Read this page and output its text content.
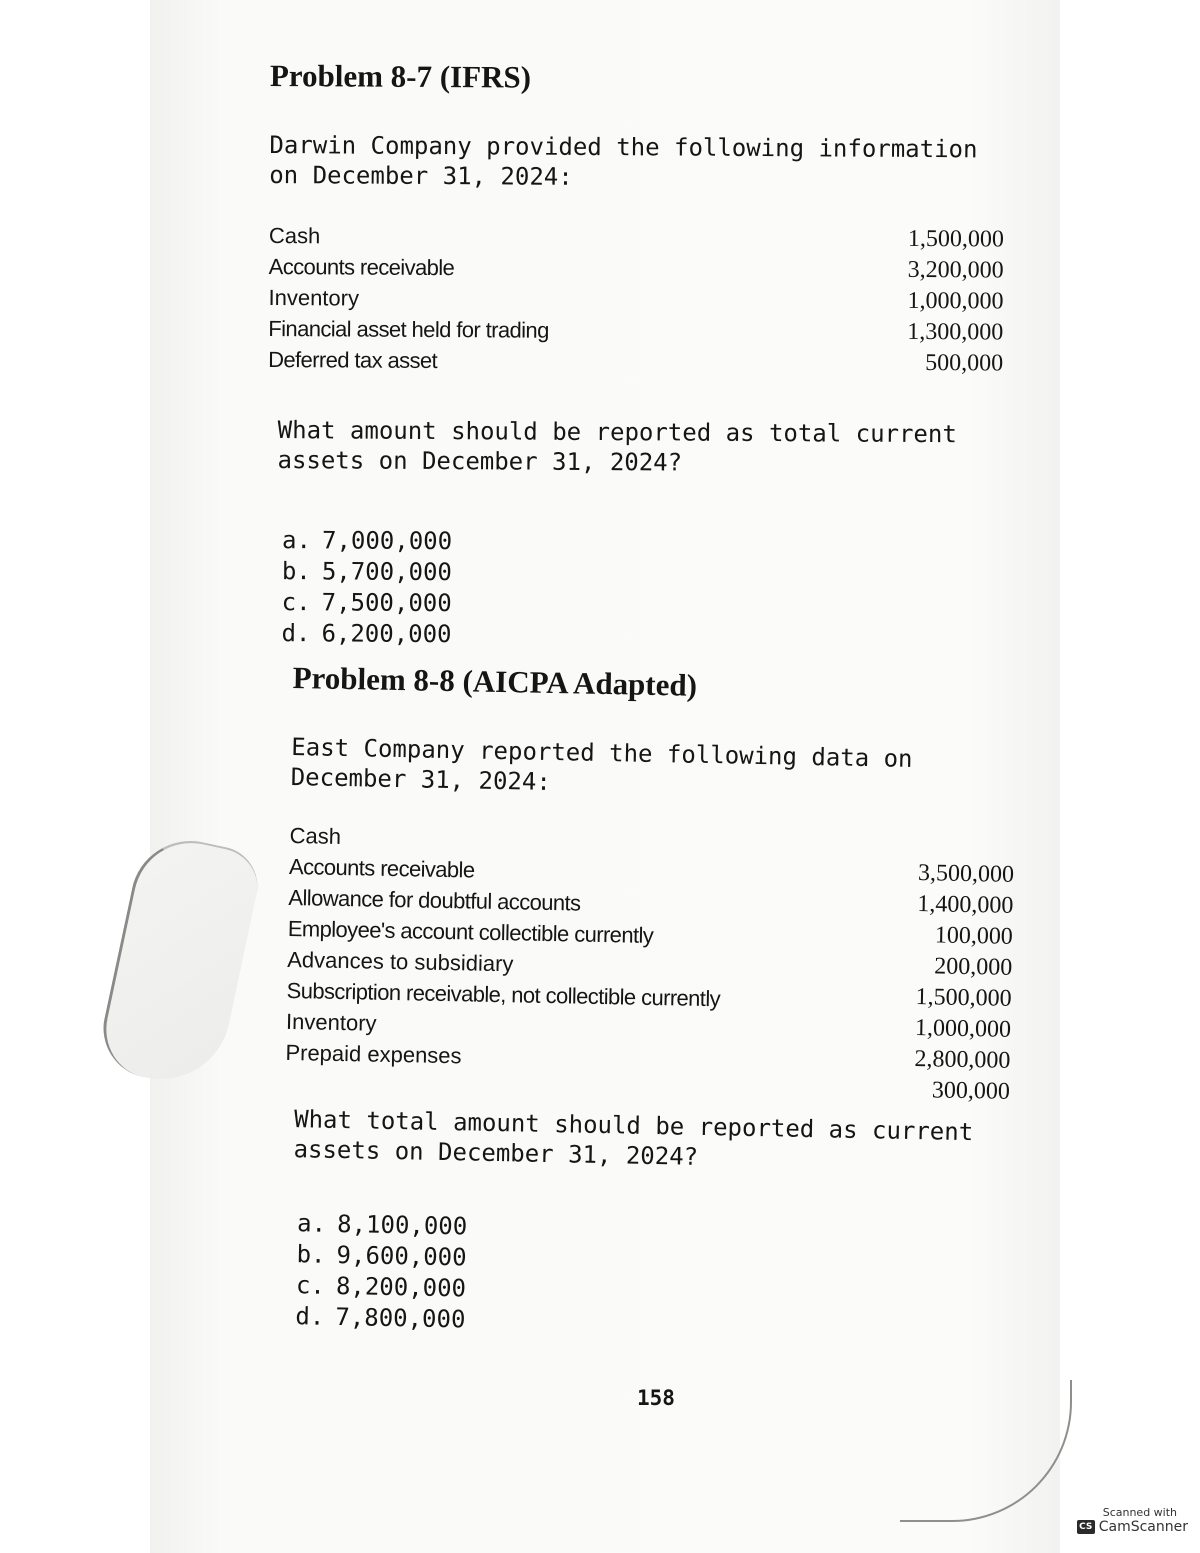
Problem 8-7 (IFRS)

Darwin Company provided the following information on December 31, 2024:

Cash
Accounts receivable
Inventory
Financial asset held for trading
Deferred tax asset
1,500,000
3,200,000
1,000,000
1,300,000
500,000

What amount should be reported as total current assets on December 31, 2024?

a. 7,000,000
b. 5,700,000
c. 7,500,000
d. 6,200,000
Problem 8-8 (AICPA Adapted)

East Company reported the following data on December 31, 2024:

Cash
Accounts receivable
Allowance for doubtful accounts
Employee's account collectible currently
Advances to subsidiary
Subscription receivable, not collectible currently
Inventory
Prepaid expenses
3,500,000
1,400,000
100,000
200,000
1,500,000
1,000,000
2,800,000
300,000

What total amount should be reported as current assets on December 31, 2024?

a. 8,100,000
b. 9,600,000
c. 8,200,000
d. 7,800,000
158
Scanned with
CS CamScanner
